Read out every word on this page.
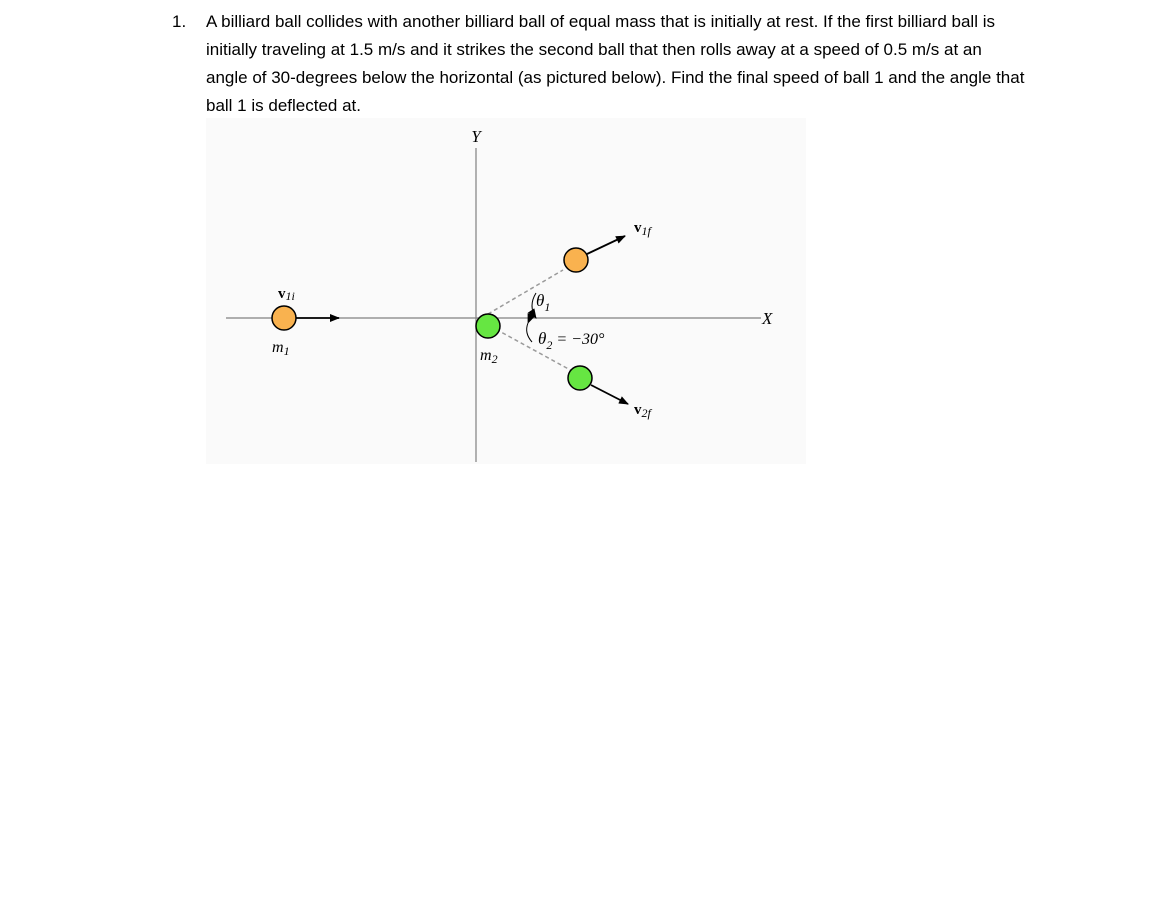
1. A billiard ball collides with another billiard ball of equal mass that is initially at rest. If the first billiard ball is initially traveling at 1.5 m/s and it strikes the second ball that then rolls away at a speed of 0.5 m/s at an angle of 30-degrees below the horizontal (as pictured below). Find the final speed of ball 1 and the angle that ball 1 is deflected at.
Y
X
v1i
m1	m2
$v_{1f}$
$v_{2f}$
$\theta_1$
$\theta_2 = -30^\circ$
